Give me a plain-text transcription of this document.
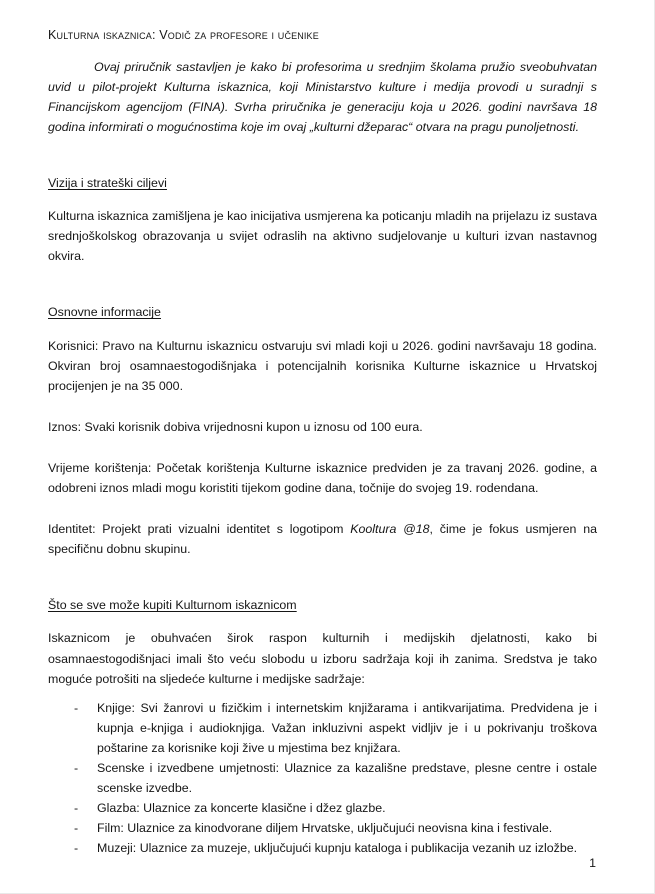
Kulturna iskaznica: Vodič za profesore i učenike

Ovaj priručnik sastavljen je kako bi profesorima u srednjim školama pružio sveobuhvatan uvid u pilot-projekt Kulturna iskaznica, koji Ministarstvo kulture i medija provodi u suradnji s Financijskom agencijom (FINA). Svrha priručnika je generaciju koja u 2026. godini navršava 18 godina informirati o mogućnostima koje im ovaj „kulturni džeparac“ otvara na pragu punoljetnosti.

Vizija i strateški ciljevi

Kulturna iskaznica zamišljena je kao inicijativa usmjerena ka poticanju mladih na prijelazu iz sustava srednjoškolskog obrazovanja u svijet odraslih na aktivno sudjelovanje u kulturi izvan nastavnog okvira.

Osnovne informacije

Korisnici: Pravo na Kulturnu iskaznicu ostvaruju svi mladi koji u 2026. godini navršavaju 18 godina. Okviran broj osamnaestogodišnjaka i potencijalnih korisnika Kulturne iskaznice u Hrvatskoj procijenjen je na 35 000.

Iznos: Svaki korisnik dobiva vrijednosni kupon u iznosu od 100 eura.

Vrijeme korištenja: Početak korištenja Kulturne iskaznice predviden je za travanj 2026. godine, a odobreni iznos mladi mogu koristiti tijekom godine dana, točnije do svojeg 19. rodendana.

Identitet: Projekt prati vizualni identitet s logotipom Kooltura @18, čime je fokus usmjeren na specifičnu dobnu skupinu.

Što se sve može kupiti Kulturnom iskaznicom

Iskaznicom je obuhvaćen širok raspon kulturnih i medijskih djelatnosti, kako bi osamnaestogodišnjaci imali što veću slobodu u izboru sadržaja koji ih zanima. Sredstva je tako moguće potrošiti na sljedeće kulturne i medijske sadržaje:

- Knjige: Svi žanrovi u fizičkim i internetskim knjižarama i antikvarijatima. Predvidena je i kupnja e-knjiga i audioknjiga. Važan inkluzivni aspekt vidljiv je i u pokrivanju troškova poštarine za korisnike koji žive u mjestima bez knjižara.
- Scenske i izvedbene umjetnosti: Ulaznice za kazališne predstave, plesne centre i ostale scenske izvedbe.
- Glazba: Ulaznice za koncerte klasične i džez glazbe.
- Film: Ulaznice za kinodvorane diljem Hrvatske, uključujući neovisna kina i festivale.
- Muzeji: Ulaznice za muzeje, uključujući kupnju kataloga i publikacija vezanih uz izložbe.
1
